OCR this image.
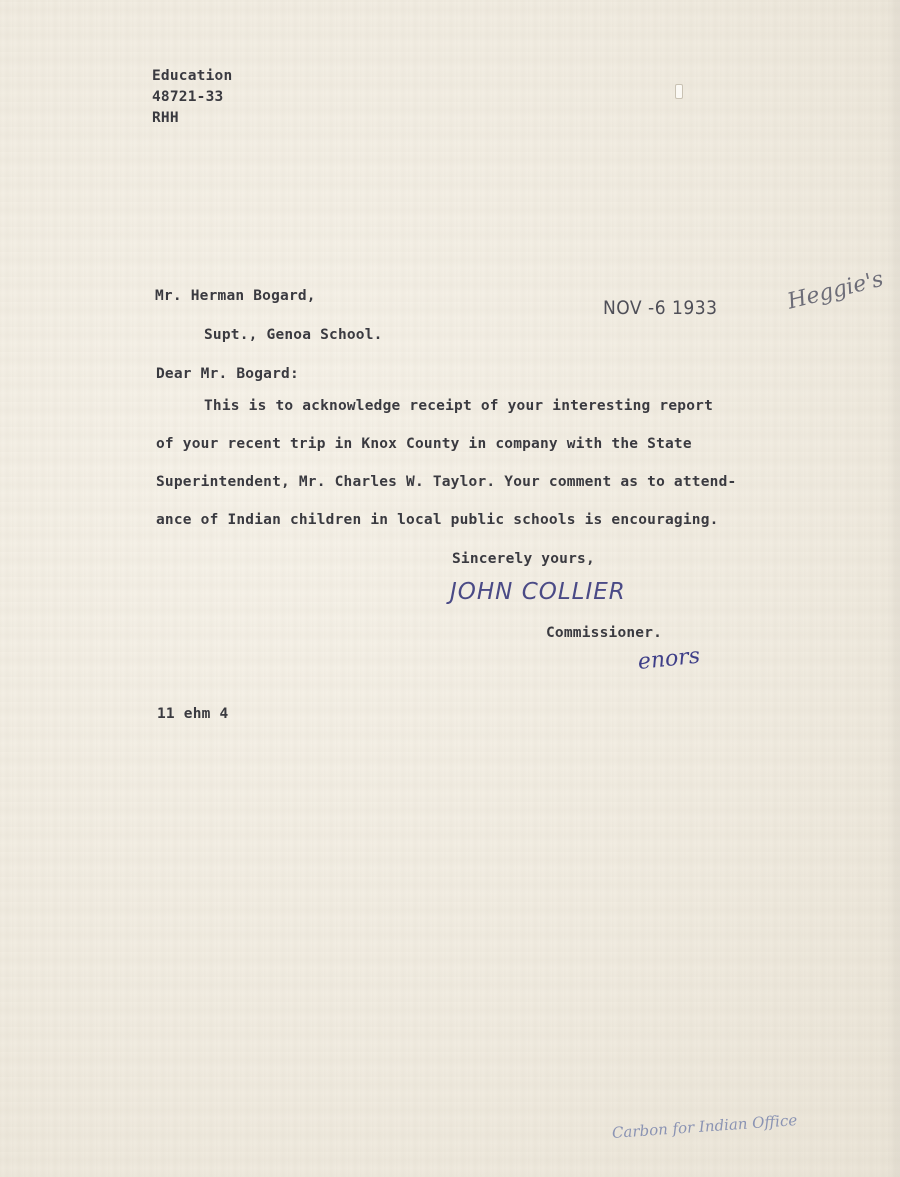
Education
48721-33
RHH
Mr. Herman Bogard,
Supt., Genoa School.
NOV -6 1933	Heggie's
Dear Mr. Bogard:
This is to acknowledge receipt of your interesting report
of your recent trip in Knox County in company with the State
Superintendent, Mr. Charles W. Taylor. Your comment as to attend-
ance of Indian children in local public schools is encouraging.
Sincerely yours,
JOHN COLLIER
Commissioner.
enors
11 ehm 4
Carbon for Indian Office
